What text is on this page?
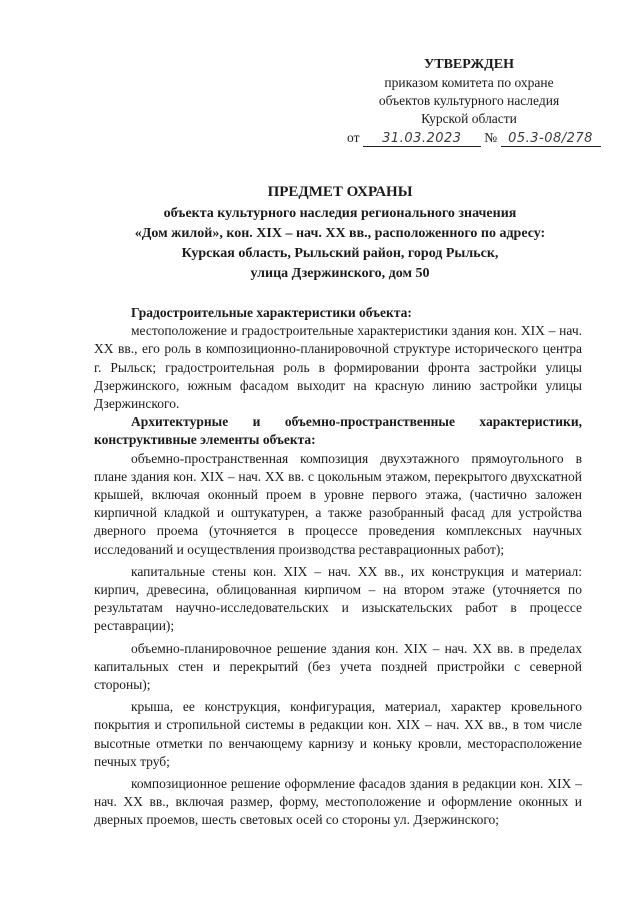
УТВЕРЖДЕН
приказом комитета по охране
объектов культурного наследия
Курской области
от 31.03.2023 № 05.3-08/278
ПРЕДМЕТ ОХРАНЫ
объекта культурного наследия регионального значения
«Дом жилой», кон. XIX – нач. XX вв., расположенного по адресу:
Курская область, Рыльский район, город Рыльск,
улица Дзержинского, дом 50

Градостроительные характеристики объекта:

местоположение и градостроительные характеристики здания кон. XIX – нач. XX вв., его роль в композиционно-планировочной структуре исторического центра г. Рыльск; градостроительная роль в формировании фронта застройки улицы Дзержинского, южным фасадом выходит на красную линию застройки улицы Дзержинского.

Архитектурные и объемно-пространственные характеристики, конструктивные элементы объекта:

объемно-пространственная композиция двухэтажного прямоугольного в плане здания кон. XIX – нач. XX вв. с цокольным этажом, перекрытого двухскатной крышей, включая оконный проем в уровне первого этажа, (частично заложен кирпичной кладкой и оштукатурен, а также разобранный фасад для устройства дверного проема (уточняется в процессе проведения комплексных научных исследований и осуществления производства реставрационных работ);

капитальные стены кон. XIX – нач. XX вв., их конструкция и материал: кирпич, древесина, облицованная кирпичом – на втором этаже (уточняется по результатам научно-исследовательских и изыскательских работ в процессе реставрации);

объемно-планировочное решение здания кон. XIX – нач. XX вв. в пределах капитальных стен и перекрытий (без учета поздней пристройки с северной стороны);

крыша, ее конструкция, конфигурация, материал, характер кровельного покрытия и стропильной системы в редакции кон. XIX – нач. XX вв., в том числе высотные отметки по венчающему карнизу и коньку кровли, месторасположение печных труб;

композиционное решение оформление фасадов здания в редакции кон. XIX – нач. XX вв., включая размер, форму, местоположение и оформление оконных и дверных проемов, шесть световых осей со стороны ул. Дзержинского;
